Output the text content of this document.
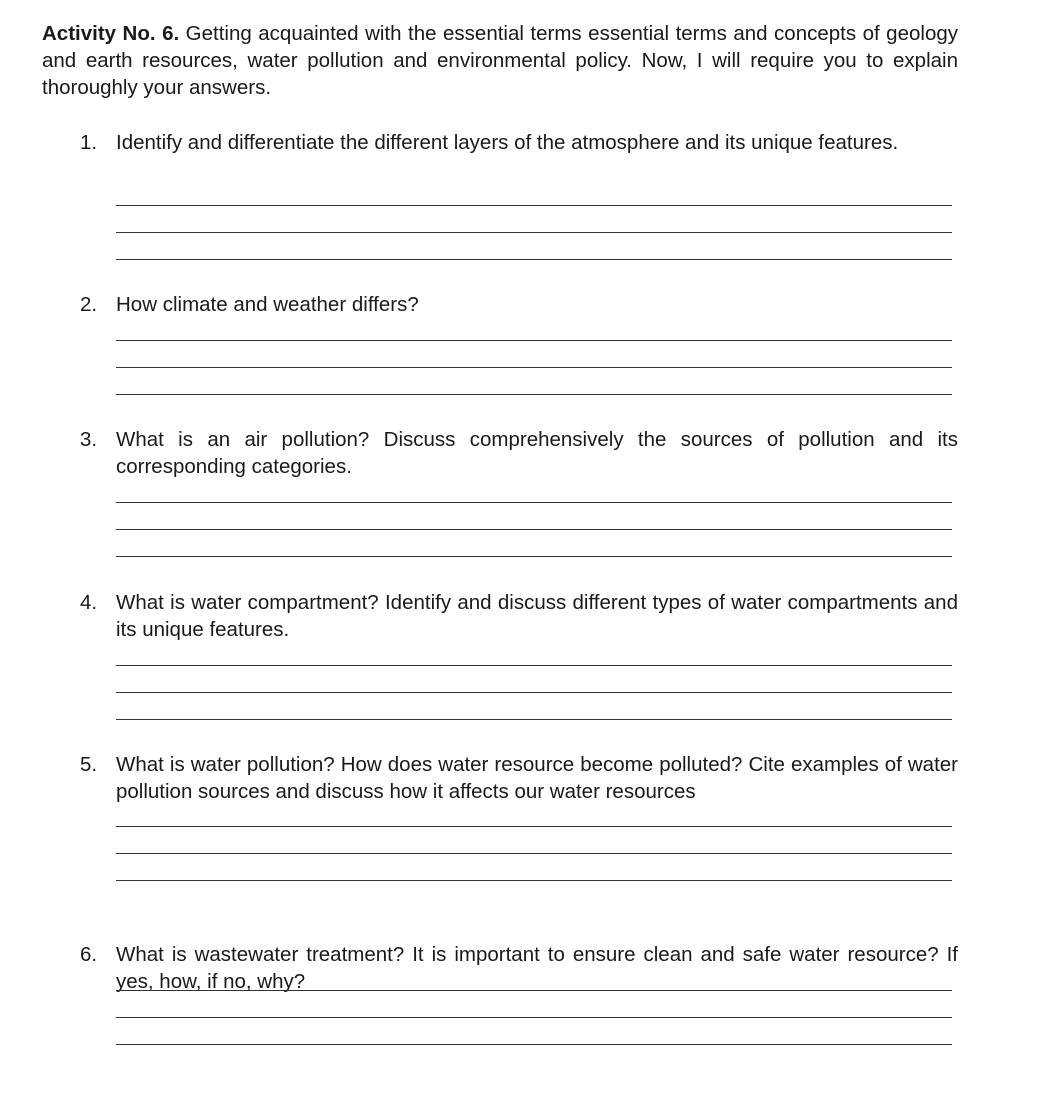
Activity No. 6. Getting acquainted with the essential terms essential terms and concepts of geology and earth resources, water pollution and environmental policy. Now, I will require you to explain thoroughly your answers.
1. Identify and differentiate the different layers of the atmosphere and its unique features.
2. How climate and weather differs?
3. What is an air pollution? Discuss comprehensively the sources of pollution and its corresponding categories.
4. What is water compartment? Identify and discuss different types of water compartments and its unique features.
5. What is water pollution? How does water resource become polluted? Cite examples of water pollution sources and discuss how it affects our water resources
6. What is wastewater treatment? It is important to ensure clean and safe water resource? If yes, how, if no, why?
